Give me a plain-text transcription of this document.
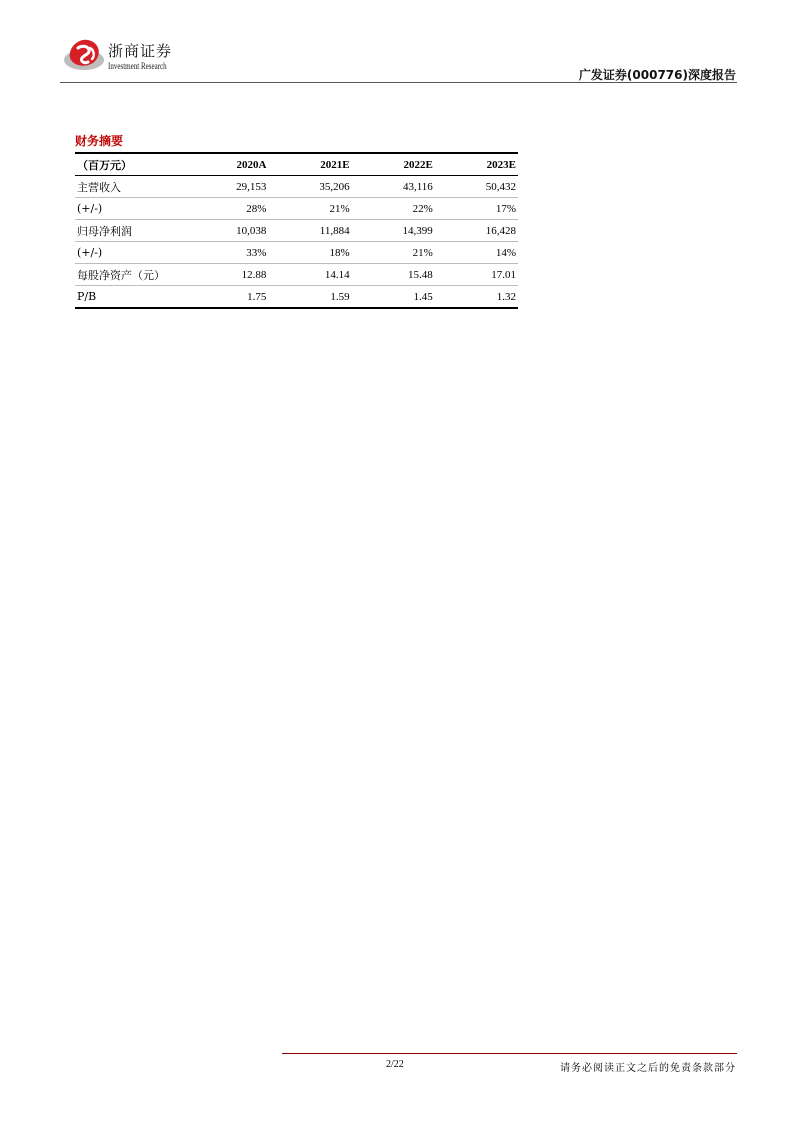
浙商证券
Investment Research
广发证券(000776)深度报告
财务摘要
（百万元）	2020A	2021E	2022E	2023E
主营收入	29,153	35,206	43,116	50,432
(+/-)	28%	21%	22%	17%
归母净利润	10,038	11,884	14,399	16,428
(+/-)	33%	18%	21%	14%
每股净资产（元）	12.88	14.14	15.48	17.01
P/B	1.75	1.59	1.45	1.32
2/22	请务必阅读正文之后的免责条款部分
